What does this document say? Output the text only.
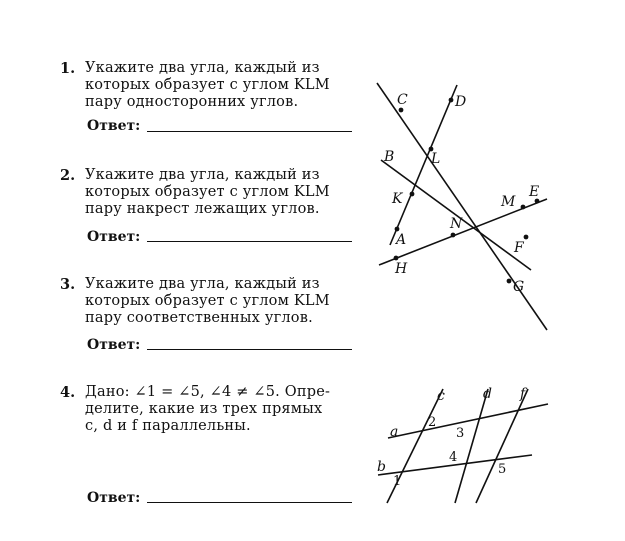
1. Укажите два угла, каждый из
которых образует с углом KLM
пару односторонних углов.
Ответ:
2. Укажите два угла, каждый из
которых образует с углом KLM
пару накрест лежащих углов.
Ответ:
3. Укажите два угла, каждый из
которых образует с углом KLM
пару соответственных углов.
Ответ:
4. Дано: ∠1 = ∠5, ∠4 ≠ ∠5. Опре-
делите, какие из трех прямых
c, d и f параллельны.
Ответ:
C	D
B	L
E
M
K
N
A	F
H
G
c	d f
a
b
1
2
3
4
5
